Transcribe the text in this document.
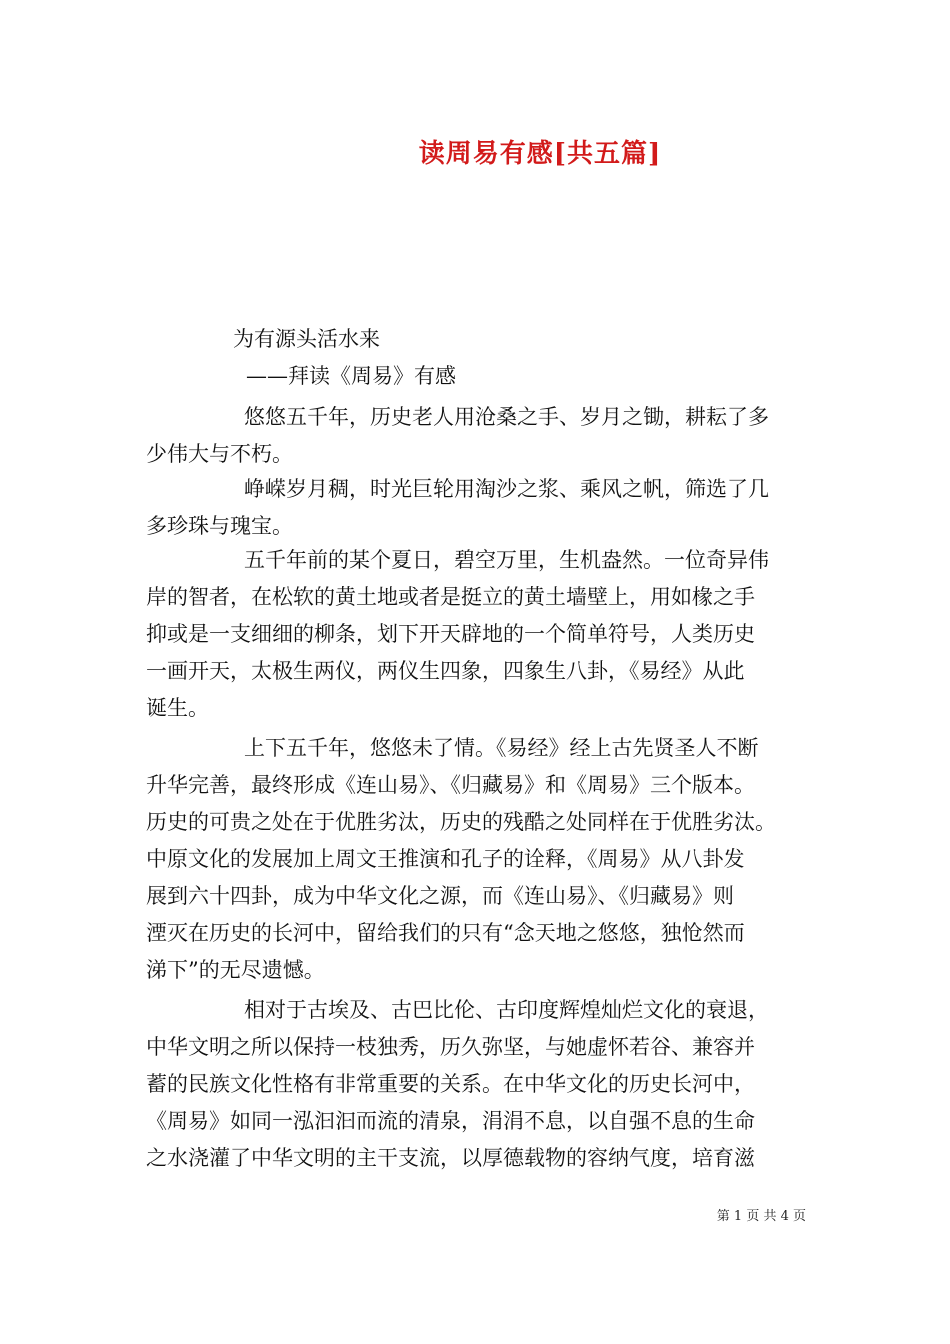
读周易有感[共五篇]
为有源头活水来
——拜读《周易》有感
悠悠五千年，历史老人用沧桑之手、岁月之锄，耕耘了多
少伟大与不朽。
峥嵘岁月稠，时光巨轮用淘沙之浆、乘风之帆，筛选了几
多珍珠与瑰宝。
五千年前的某个夏日，碧空万里，生机盎然。一位奇异伟
岸的智者，在松软的黄土地或者是挺立的黄土墙壁上，用如椽之手
抑或是一支细细的柳条，划下开天辟地的一个简单符号，人类历史
一画开天，太极生两仪，两仪生四象，四象生八卦，《易经》从此
诞生。
上下五千年，悠悠未了情。《易经》经上古先贤圣人不断
升华完善，最终形成《连山易》、《归藏易》和《周易》三个版本。
历史的可贵之处在于优胜劣汰，历史的残酷之处同样在于优胜劣汰。
中原文化的发展加上周文王推演和孔子的诠释，《周易》从八卦发
展到六十四卦，成为中华文化之源，而《连山易》、《归藏易》则
湮灭在历史的长河中，留给我们的只有“念天地之悠悠，独怆然而
涕下”的无尽遗憾。
相对于古埃及、古巴比伦、古印度辉煌灿烂文化的衰退，
中华文明之所以保持一枝独秀，历久弥坚，与她虚怀若谷、兼容并
蓄的民族文化性格有非常重要的关系。在中华文化的历史长河中，
《周易》如同一泓汩汩而流的清泉，涓涓不息，以自强不息的生命
之水浇灌了中华文明的主干支流，以厚德载物的容纳气度，培育滋
第 1 页 共 4 页
